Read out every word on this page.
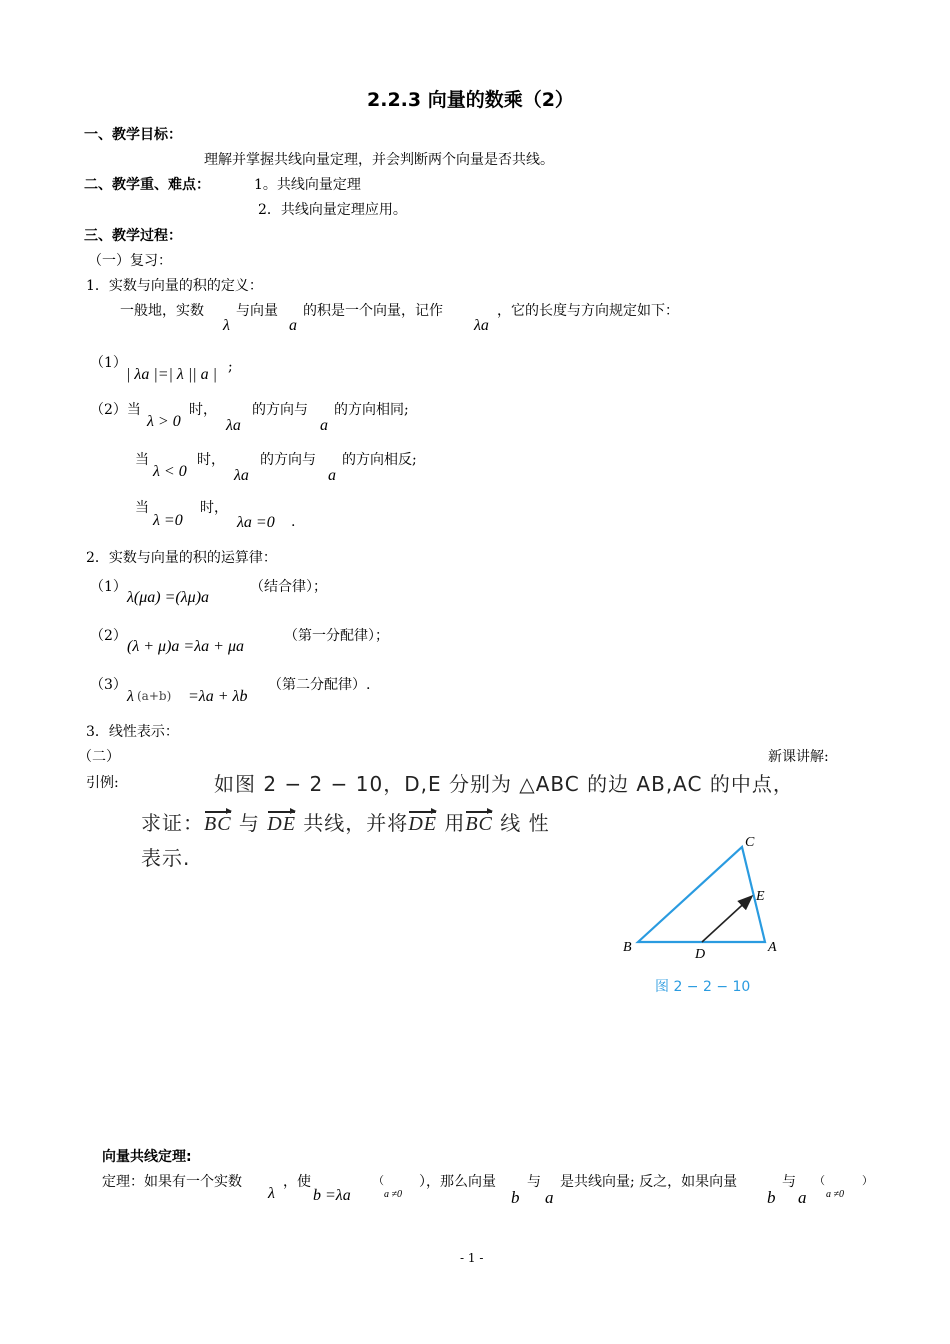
2.2.3 向量的数乘（2）
一、教学目标：
理解并掌握共线向量定理，并会判断两个向量是否共线。
二、教学重、难点：	1。共线向量定理
2．共线向量定理应用。
三、教学过程：
（一）复习：
1．实数与向量的积的定义：
一般地，实数
λ
与向量
a
的积是一个向量，记作
λa
，它的长度与方向规定如下：
（1）
| λa |=| λ || a | ;
（2）当
λ > 0
时，
λa
的方向与
a
的方向相同;
当
λ < 0
时，
λa
的方向与
a
的方向相反;
当
λ =0
时，
λa =0 .
2．实数与向量的积的运算律：
（1）
λ(μa) =(λμ)a
（结合律）；
（2）
(λ + μ)a =λa + μa
（第一分配律）；
（3）
λ (a+b) =λa + λb
（第二分配律）.
3．线性表示：
（二）	新课讲解:
引例:	如图 2 − 2 − 10，D,E 分别为 △ABC 的边 AB,AC 的中点，
求证：BC 与 DE 共线，并将DE 用BC 线 性
表示.
C
E
B	A
D
图 2 − 2 − 10
向量共线定理:
定理：如果有一个实数
λ
，使
b =λa
（
a ≠0
），那么向量
b
与
a
是共线向量; 反之，如果向量
b
与
a
（
a ≠0
）
- 1 -
